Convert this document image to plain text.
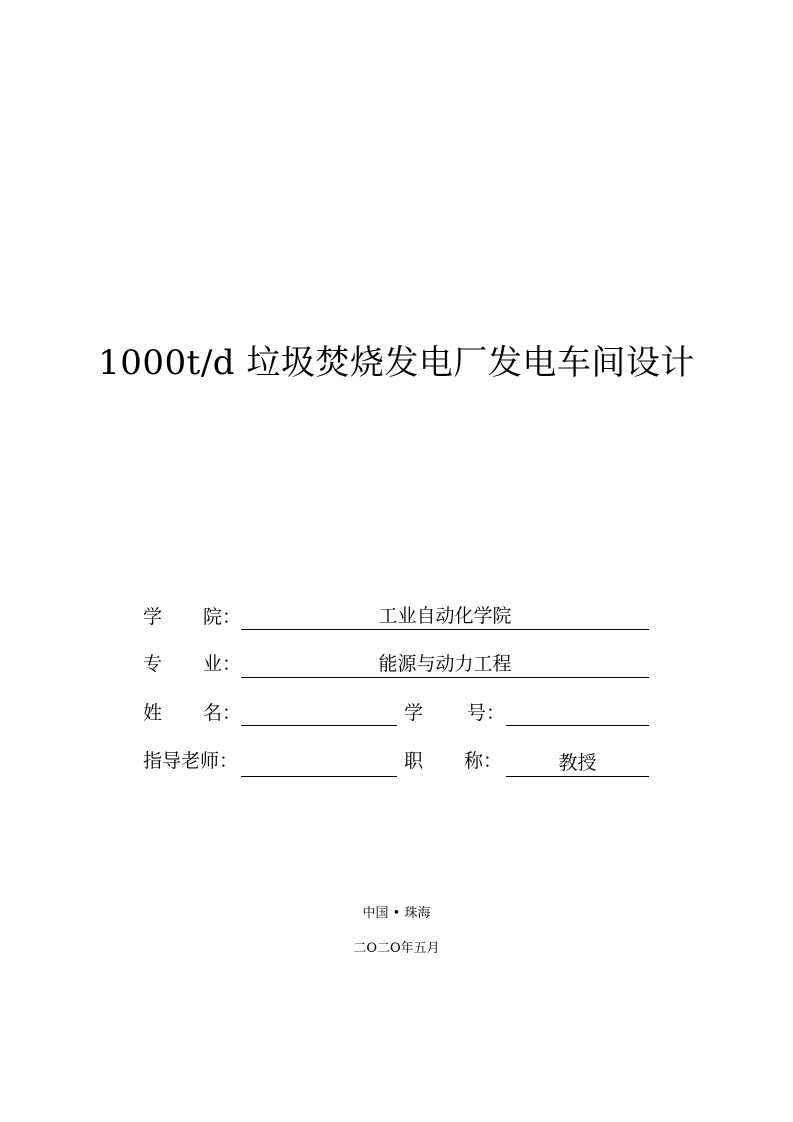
1000t/d 垃圾焚烧发电厂发电车间设计
学 院：	工业自动化学院
专 业：	能源与动力工程
姓 名：	学 号：
指导老师：	职 称：	教授
中国 • 珠海
二O二O年五月
